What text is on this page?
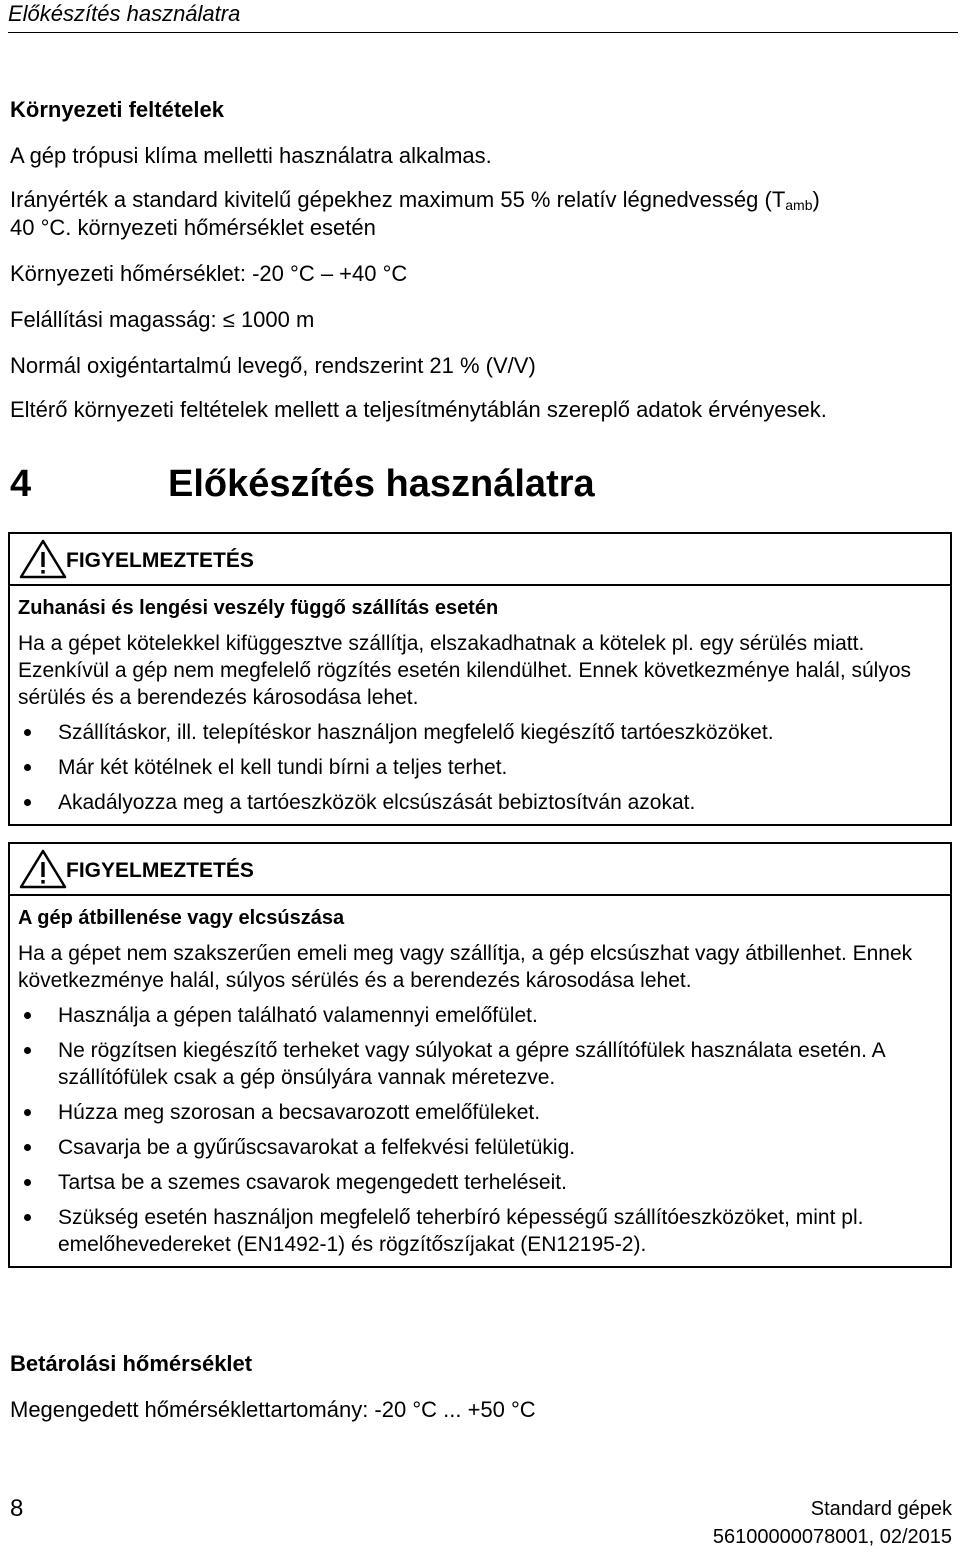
Előkészítés használatra
Környezeti feltételek
A gép trópusi klíma melletti használatra alkalmas.
Irányérték a standard kivitelű gépekhez maximum 55 % relatív légnedvesség $(T_{amb})$
40 °C. környezeti hőmérséklet esetén
Környezeti hőmérséklet: -20 °C – +40 °C
Felállítási magasság: ≤ 1000 m
Normál oxigéntartalmú levegő, rendszerint 21 % (V/V)
Eltérő környezeti feltételek mellett a teljesítménytáblán szereplő adatok érvényesek.
4	Előkészítés használatra
FIGYELMEZTETÉS
Zuhanási és lengési veszély függő szállítás esetén
Ha a gépet kötelekkel kifüggesztve szállítja, elszakadhatnak a kötelek pl. egy sérülés miatt. Ezenkívül a gép nem megfelelő rögzítés esetén kilendülhet. Ennek következménye halál, súlyos sérülés és a berendezés károsodása lehet.
Szállításkor, ill. telepítéskor használjon megfelelő kiegészítő tartóeszközöket.
Már két kötélnek el kell tundi bírni a teljes terhet.
Akadályozza meg a tartóeszközök elcsúszását bebiztosítván azokat.
FIGYELMEZTETÉS
A gép átbillenése vagy elcsúszása
Ha a gépet nem szakszerűen emeli meg vagy szállítja, a gép elcsúszhat vagy átbillenhet. Ennek következménye halál, súlyos sérülés és a berendezés károsodása lehet.
Használja a gépen található valamennyi emelőfület.
Ne rögzítsen kiegészítő terheket vagy súlyokat a gépre szállítófülek használata esetén. A szállítófülek csak a gép önsúlyára vannak méretezve.
Húzza meg szorosan a becsavarozott emelőfüleket.
Csavarja be a gyűrűscsavarokat a felfekvési felületükig.
Tartsa be a szemes csavarok megengedett terheléseit.
Szükség esetén használjon megfelelő teherbíró képességű szállítóeszközöket, mint pl. emelőhevedereket (EN1492-1) és rögzítőszíjakat (EN12195-2).
Betárolási hőmérséklet
Megengedett hőmérséklettartomány: -20 °C ... +50 °C
Standard gépek
56100000078001, 02/2015
8
